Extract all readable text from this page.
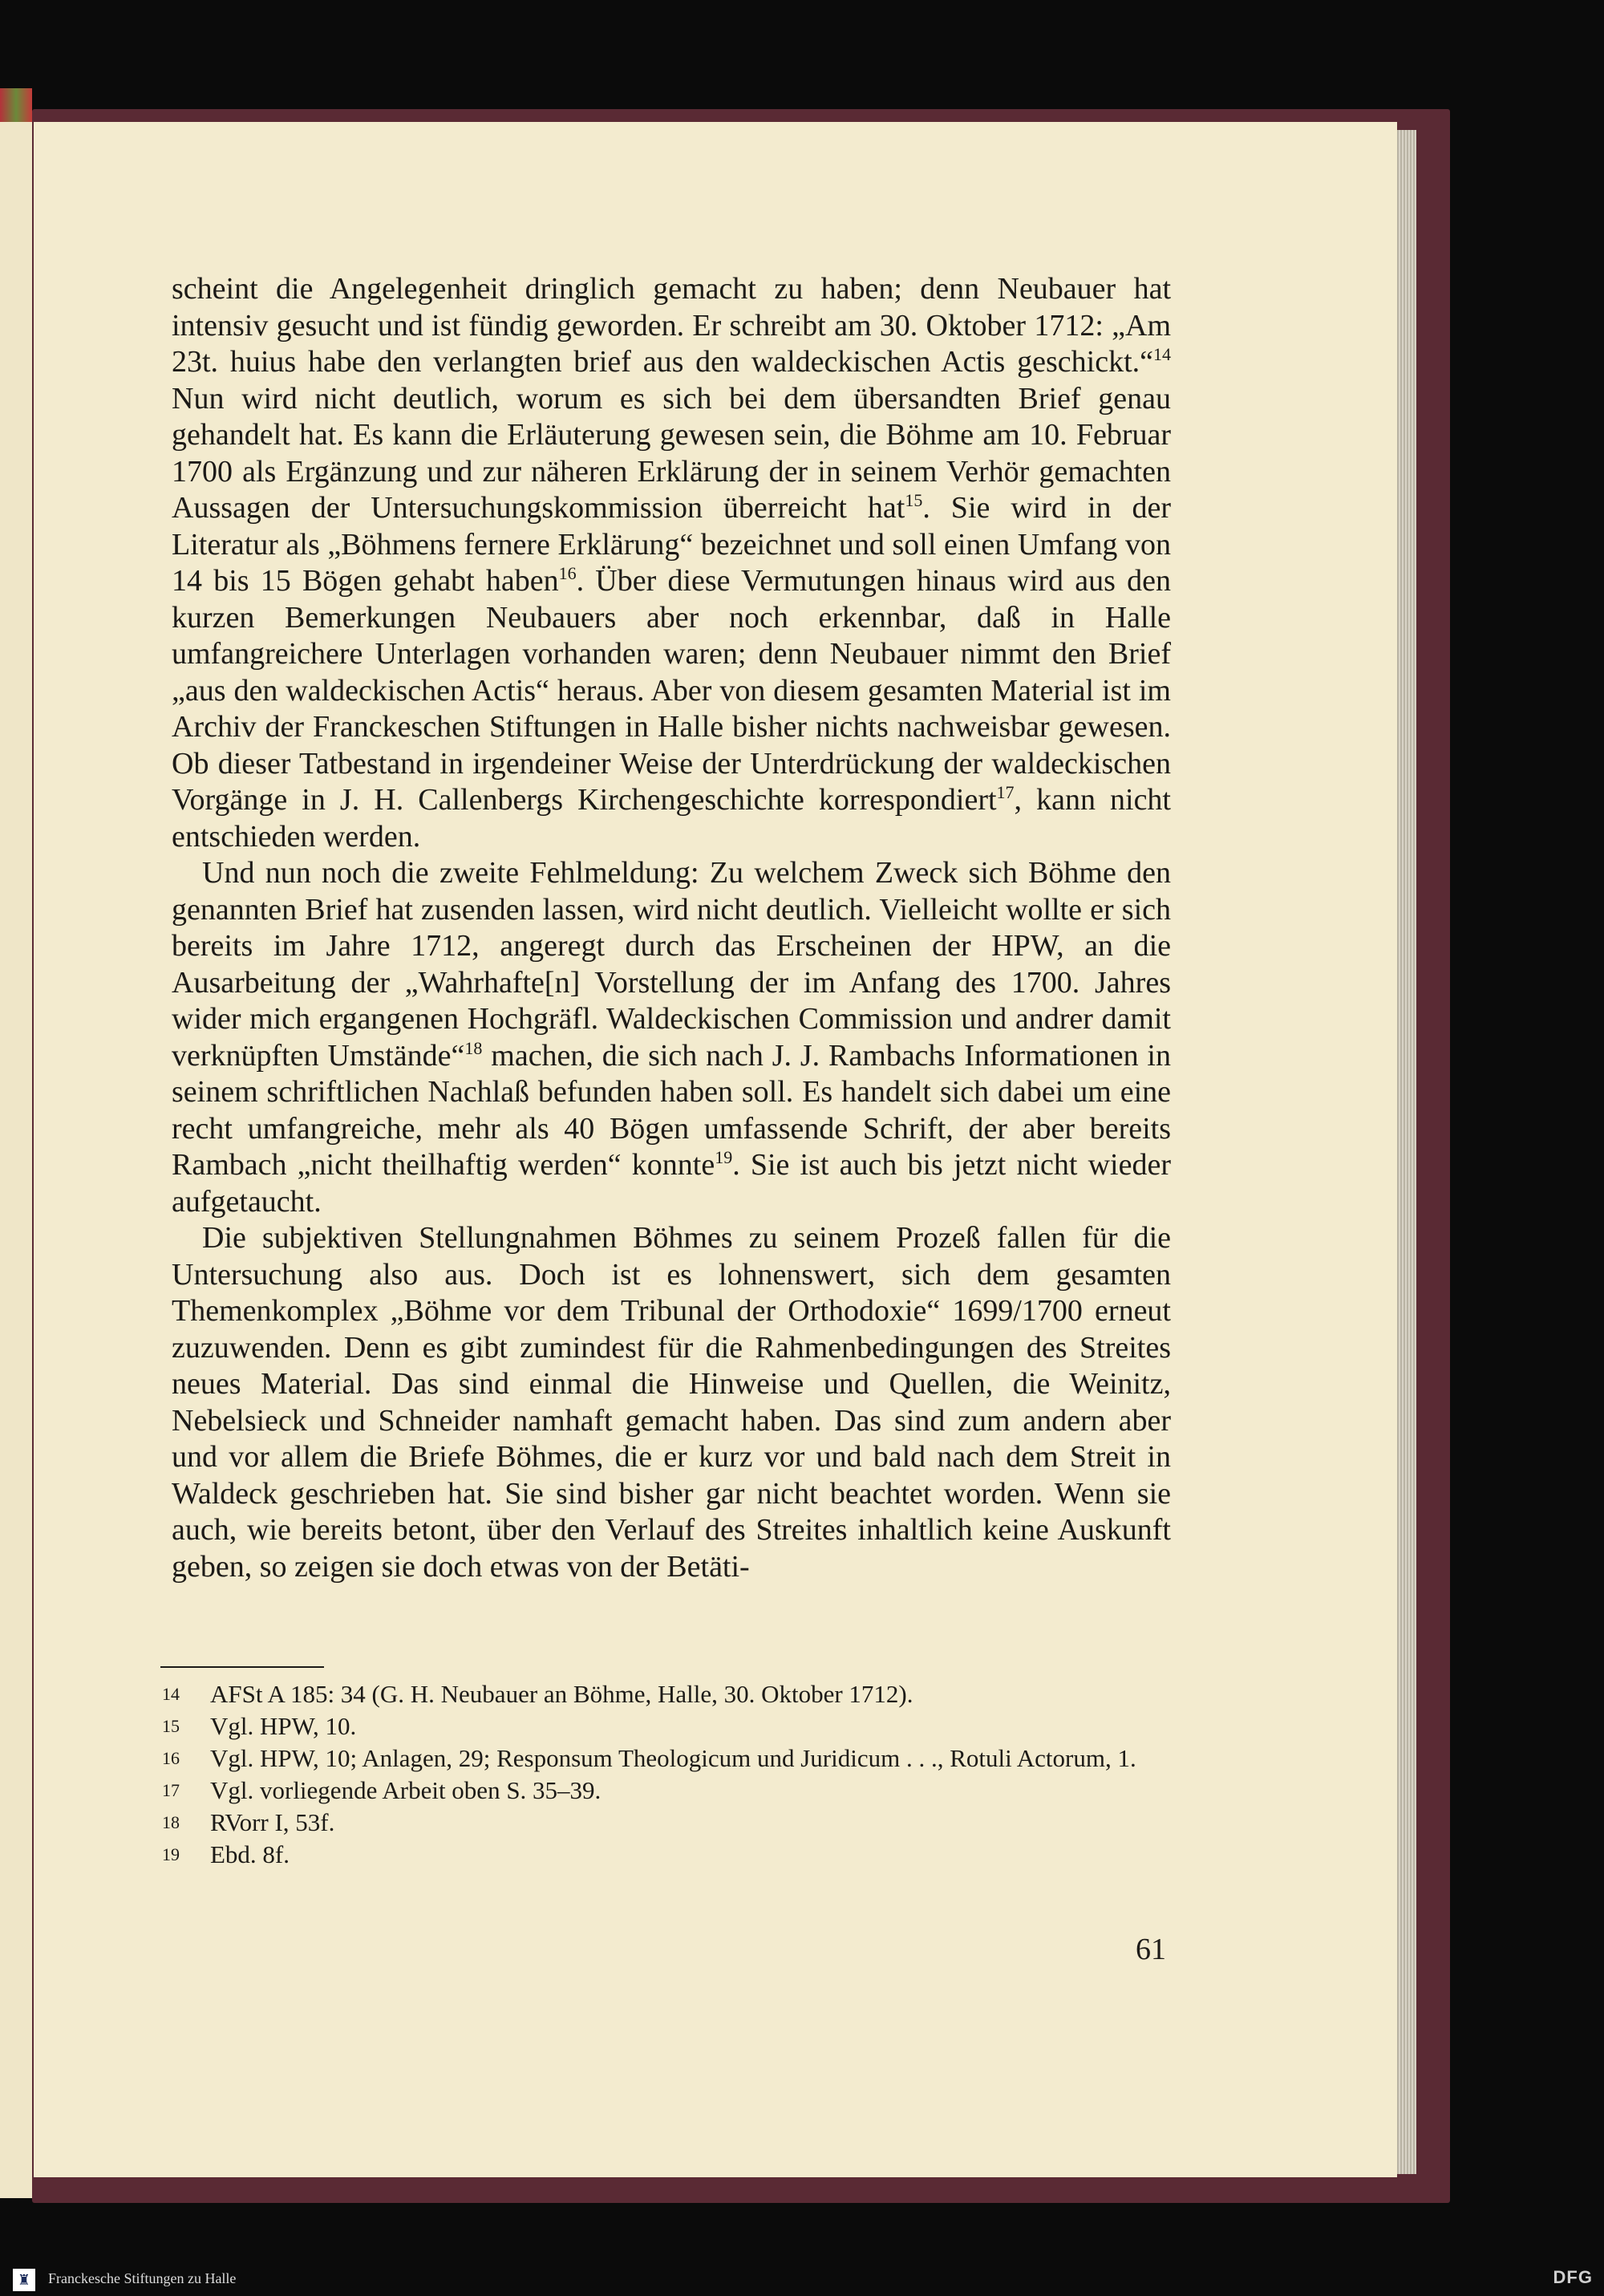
scheint die Angelegenheit dringlich gemacht zu haben; denn Neubauer hat intensiv gesucht und ist fündig geworden. Er schreibt am 30. Oktober 1712: „Am 23t. huius habe den verlangten brief aus den waldeckischen Actis geschickt.“$^{14}$ Nun wird nicht deutlich, worum es sich bei dem übersandten Brief genau gehandelt hat. Es kann die Erläuterung gewesen sein, die Böhme am 10. Februar 1700 als Ergänzung und zur näheren Erklärung der in seinem Verhör gemachten Aussagen der Untersuchungskommission überreicht hat$^{15}$. Sie wird in der Literatur als „Böhmens fernere Erklärung“ bezeichnet und soll einen Umfang von 14 bis 15 Bögen gehabt haben$^{16}$. Über diese Vermutungen hinaus wird aus den kurzen Bemerkungen Neubauers aber noch erkennbar, daß in Halle umfangreichere Unterlagen vorhanden waren; denn Neubauer nimmt den Brief „aus den waldeckischen Actis“ heraus. Aber von diesem gesamten Material ist im Archiv der Franckeschen Stiftungen in Halle bisher nichts nachweisbar gewesen. Ob dieser Tatbestand in irgendeiner Weise der Unterdrückung der waldeckischen Vorgänge in J. H. Callenbergs Kirchengeschichte korrespondiert$^{17}$, kann nicht entschieden werden.

Und nun noch die zweite Fehlmeldung: Zu welchem Zweck sich Böhme den genannten Brief hat zusenden lassen, wird nicht deutlich. Vielleicht wollte er sich bereits im Jahre 1712, angeregt durch das Erscheinen der HPW, an die Ausarbeitung der „Wahrhafte[n] Vorstellung der im Anfang des 1700. Jahres wider mich ergangenen Hochgräfl. Waldeckischen Commission und andrer damit verknüpften Umstände“$^{18}$ machen, die sich nach J. J. Rambachs Informationen in seinem schriftlichen Nachlaß befunden haben soll. Es handelt sich dabei um eine recht umfangreiche, mehr als 40 Bögen umfassende Schrift, der aber bereits Rambach „nicht theilhaftig werden“ konnte$^{19}$. Sie ist auch bis jetzt nicht wieder aufgetaucht.

Die subjektiven Stellungnahmen Böhmes zu seinem Prozeß fallen für die Untersuchung also aus. Doch ist es lohnenswert, sich dem gesamten Themenkomplex „Böhme vor dem Tribunal der Orthodoxie“ 1699/1700 erneut zuzuwenden. Denn es gibt zumindest für die Rahmenbedingungen des Streites neues Material. Das sind einmal die Hinweise und Quellen, die Weinitz, Nebelsieck und Schneider namhaft gemacht haben. Das sind zum andern aber und vor allem die Briefe Böhmes, die er kurz vor und bald nach dem Streit in Waldeck geschrieben hat. Sie sind bisher gar nicht beachtet worden. Wenn sie auch, wie bereits betont, über den Verlauf des Streites inhaltlich keine Auskunft geben, so zeigen sie doch etwas von der Betäti-

14	AFSt A 185: 34 (G. H. Neubauer an Böhme, Halle, 30. Oktober 1712).
15	Vgl. HPW, 10.
16	Vgl. HPW, 10; Anlagen, 29; Responsum Theologicum und Juridicum . . ., Rotuli Actorum, 1.
17	Vgl. vorliegende Arbeit oben S. 35–39.
18	RVorr I, 53f.
19	Ebd. 8f.
61
♜	Franckesche Stiftungen zu Halle	DFG
